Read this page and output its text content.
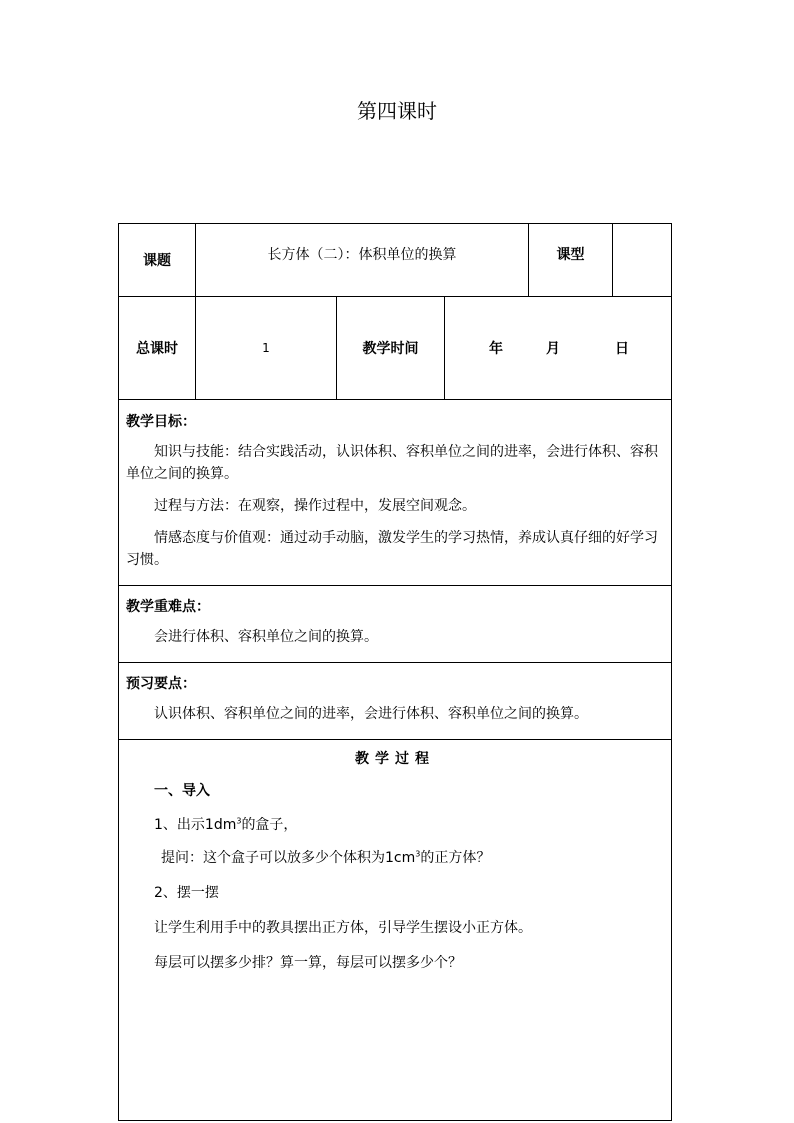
第四课时
课题	长方体（二）：体积单位的换算	课型
总课时	1	教学时间	年	月	日

教学目标：

知识与技能：结合实践活动，认识体积、容积单位之间的进率，会进行体积、容积单位之间的换算。

过程与方法：在观察，操作过程中，发展空间观念。

情感态度与价值观：通过动手动脑，激发学生的学习热情，养成认真仔细的好学习习惯。

教学重难点：

会进行体积、容积单位之间的换算。

预习要点：

认识体积、容积单位之间的进率，会进行体积、容积单位之间的换算。

教学过程
一、导入
1、出示$1dm^3$的盒子，
提问：这个盒子可以放多少个体积为$1cm^3$的正方体？
2、摆一摆
让学生利用手中的教具摆出正方体，引导学生摆设小正方体。
每层可以摆多少排？算一算，每层可以摆多少个？
